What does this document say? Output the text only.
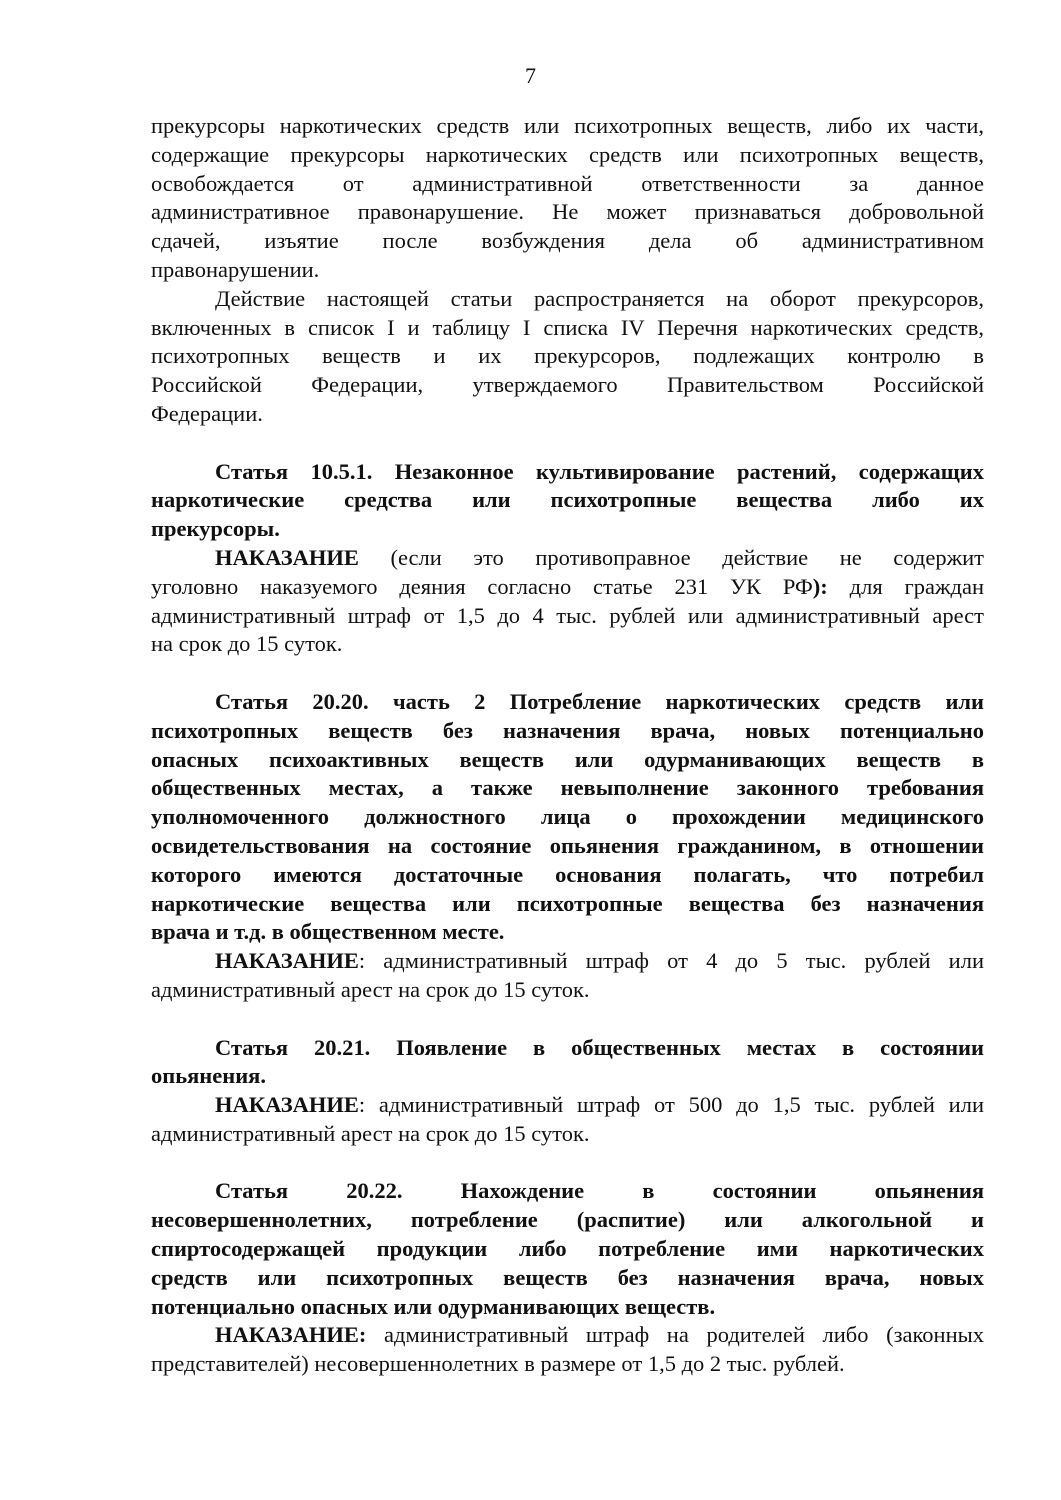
7
прекурсоры наркотических средств или психотропных веществ, либо их части,
содержащие прекурсоры наркотических средств или психотропных веществ,
освобождается от административной ответственности за данное
административное правонарушение. Не может признаваться добровольной
сдачей, изъятие после возбуждения дела об административном
правонарушении.
Действие настоящей статьи распространяется на оборот прекурсоров,
включенных в список I и таблицу I списка IV Перечня наркотических средств,
психотропных веществ и их прекурсоров, подлежащих контролю в
Российской Федерации, утверждаемого Правительством Российской
Федерации.
Статья 10.5.1. Незаконное культивирование растений, содержащих
наркотические средства или психотропные вещества либо их
прекурсоры.
НАКАЗАНИЕ (если это противоправное действие не содержит
уголовно наказуемого деяния согласно статье 231 УК РФ): для граждан
административный штраф от 1,5 до 4 тыс. рублей или административный арест
на срок до 15 суток.
Статья 20.20. часть 2 Потребление наркотических средств или
психотропных веществ без назначения врача, новых потенциально
опасных психоактивных веществ или одурманивающих веществ в
общественных местах, а также невыполнение законного требования
уполномоченного должностного лица о прохождении медицинского
освидетельствования на состояние опьянения гражданином, в отношении
которого имеются достаточные основания полагать, что потребил
наркотические вещества или психотропные вещества без назначения
врача и т.д. в общественном месте.
НАКАЗАНИЕ: административный штраф от 4 до 5 тыс. рублей или
административный арест на срок до 15 суток.
Статья 20.21. Появление в общественных местах в состоянии
опьянения.
НАКАЗАНИЕ: административный штраф от 500 до 1,5 тыс. рублей или
административный арест на срок до 15 суток.
Статья 20.22. Нахождение в состоянии опьянения
несовершеннолетних, потребление (распитие) или алкогольной и
спиртосодержащей продукции либо потребление ими наркотических
средств или психотропных веществ без назначения врача, новых
потенциально опасных или одурманивающих веществ.
НАКАЗАНИЕ: административный штраф на родителей либо (законных
представителей) несовершеннолетних в размере от 1,5 до 2 тыс. рублей.
